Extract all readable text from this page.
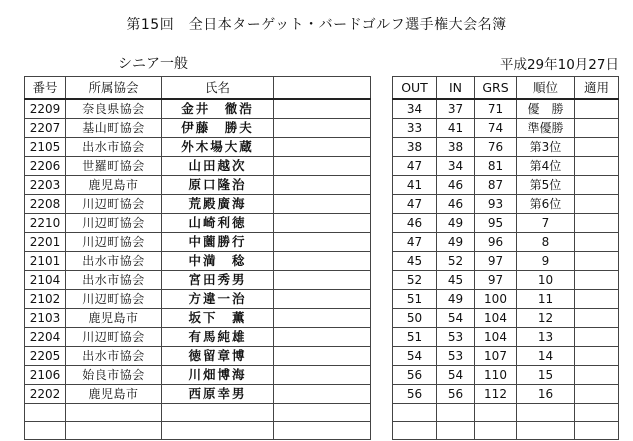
第15回　全日本ターゲット・バードゴルフ選手権大会名簿
シニア一般	平成29年10月27日
番号	所属協会	氏名			OUT	IN	GRS	順位	適用
2209	奈良県協会	金井　徹浩			34	37	71	優　勝	
2207	基山町協会	伊藤　勝夫			33	41	74	準優勝	
2105	出水市協会	外木場大蔵			38	38	76	第3位	
2206	世羅町協会	山田越次			47	34	81	第4位	
2203	鹿児島市	原口隆治			41	46	87	第5位	
2208	川辺町協会	荒殿廣海			47	46	93	第6位	
2210	川辺町協会	山崎利徳			46	49	95	7	
2201	川辺町協会	中薗勝行			47	49	96	8	
2101	出水市協会	中満　稔			45	52	97	9	
2104	出水市協会	宮田秀男			52	45	97	10	
2102	川辺町協会	方違一治			51	49	100	11	
2103	鹿児島市	坂下　薫			50	54	104	12	
2204	川辺町協会	有馬純雄			51	53	104	13	
2205	出水市協会	徳留章博			54	53	107	14	
2106	始良市協会	川畑博海			56	54	110	15	
2202	鹿児島市	西原幸男			56	56	112	16	
